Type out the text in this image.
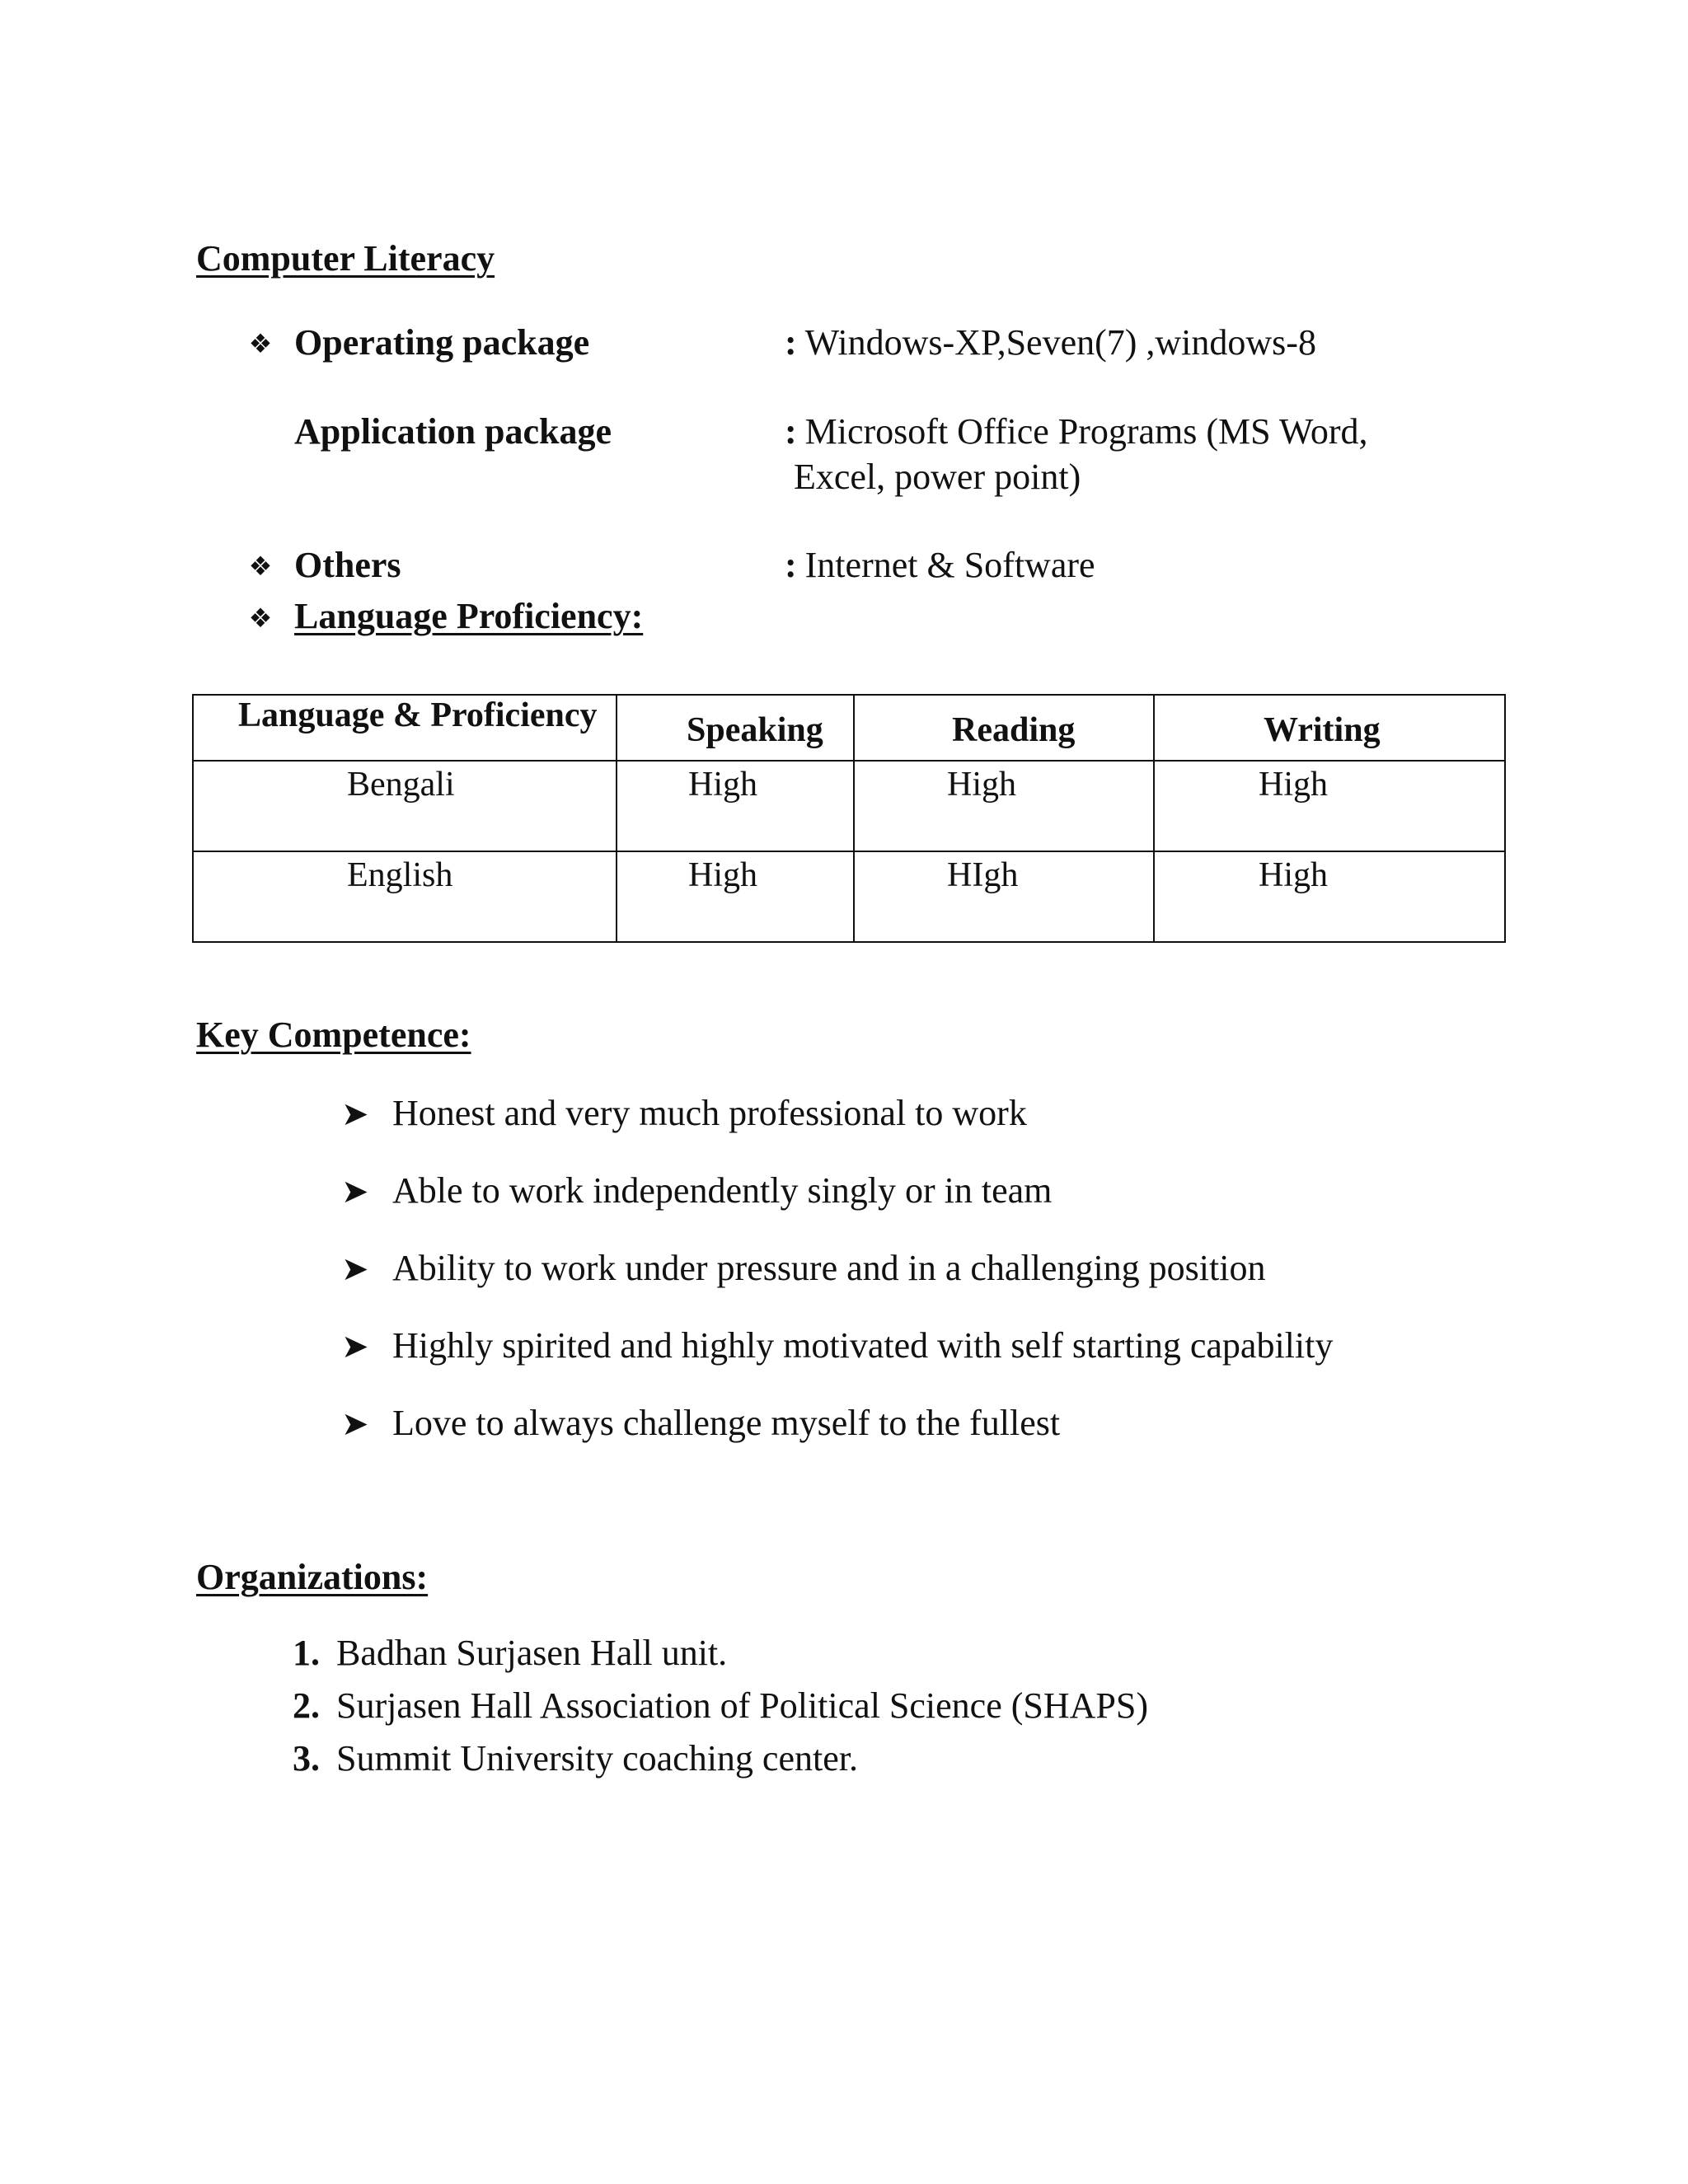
Computer Literacy
❖ Operating package	: Windows-XP,Seven(7) ,windows-8
Application package	: Microsoft Office Programs (MS Word,
Excel, power point)
❖ Others	: Internet & Software
❖ Language Proficiency:
Language & Proficiency	Speaking	Reading	Writing

Bengali	High	High	High

English	High	HIgh	High
Key Competence:
➤ Honest and very much professional to work
➤ Able to work independently singly or in team
➤ Ability to work under pressure and in a challenging position
➤ Highly spirited and highly motivated with self starting capability
➤ Love to always challenge myself to the fullest
Organizations:
1. Badhan Surjasen Hall unit.
2. Surjasen Hall Association of Political Science (SHAPS)
3. Summit University coaching center.
